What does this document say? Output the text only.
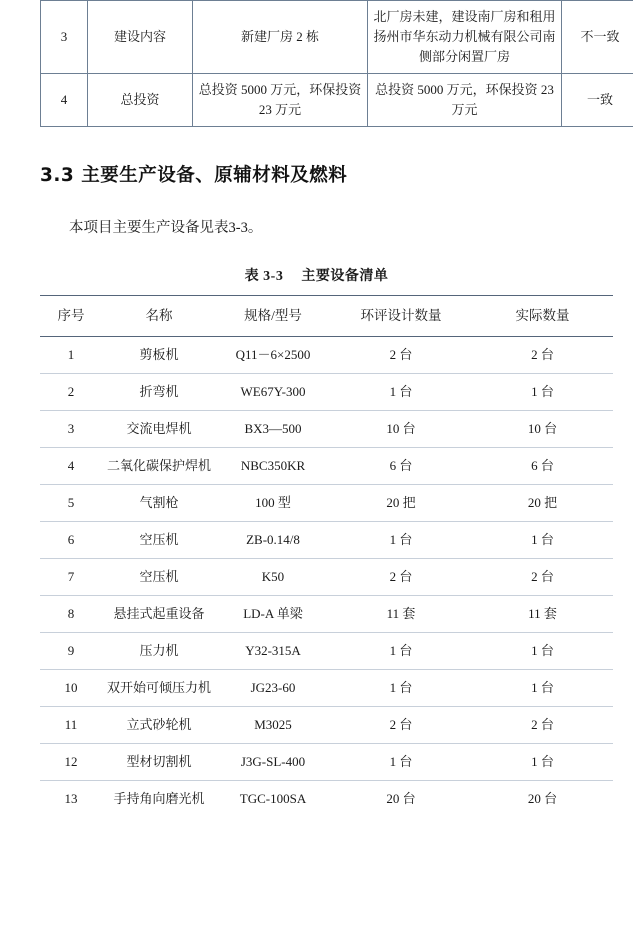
3	建设内容	新建厂房 2 栋	北厂房未建，建设南厂房和租用扬州市华东动力机械有限公司南侧部分闲置厂房	不一致
4	总投资	总投资 5000 万元，环保投资 23 万元	总投资 5000 万元，环保投资 23 万元	一致
3.3 主要生产设备、原辅材料及燃料

本项目主要生产设备见表3-3。

表 3-3 主要设备清单
序号	名称	规格/型号	环评设计数量	实际数量
1	剪板机	Q11－6×2500	2 台	2 台
2	折弯机	WE67Y-300	1 台	1 台
3	交流电焊机	BX3—500	10 台	10 台
4	二氧化碳保护焊机	NBC350KR	6 台	6 台
5	气割枪	100 型	20 把	20 把
6	空压机	ZB-0.14/8	1 台	1 台
7	空压机	K50	2 台	2 台
8	悬挂式起重设备	LD-A 单梁	11 套	11 套
9	压力机	Y32-315A	1 台	1 台
10	双开始可倾压力机	JG23-60	1 台	1 台
11	立式砂轮机	M3025	2 台	2 台
12	型材切割机	J3G-SL-400	1 台	1 台
13	手持角向磨光机	TGC-100SA	20 台	20 台
